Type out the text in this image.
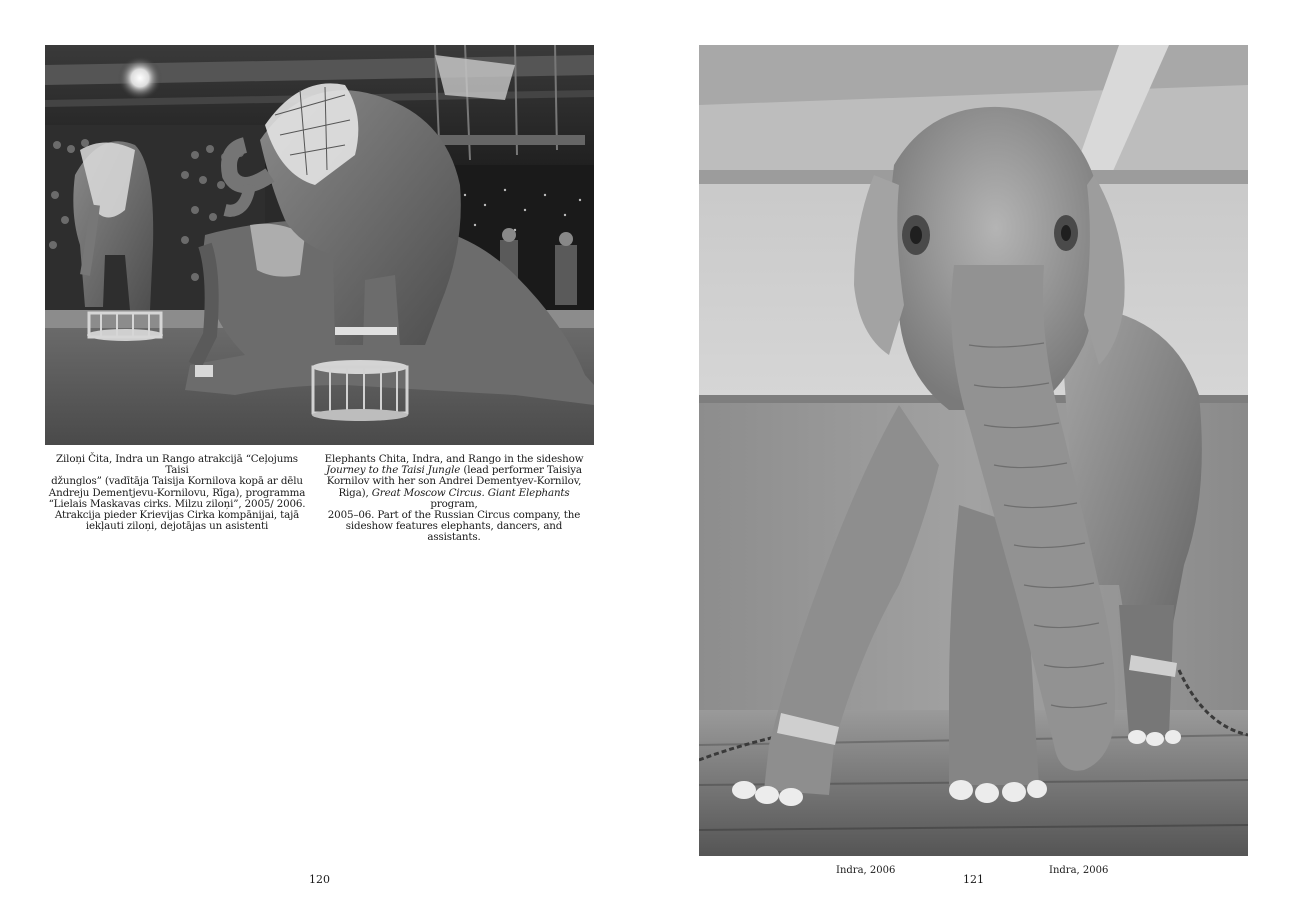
Ziloņi Čita, Indra un Rango atrakcijā “Ceļojums Taisi
džunglos” (vadītāja Taisija Kornilova kopā ar dēlu
Andreju Dementjevu-Kornilovu, Rīga), programma
“Lielais Maskavas cirks. Milzu ziloņi”, 2005/ 2006.
Atrakcija pieder Krievijas Cirka kompānijai, tajā
iekļauti ziloņi, dejotājas un asistenti
Elephants Chita, Indra, and Rango in the sideshow
Journey to the Taisi Jungle (lead performer Taisiya
Kornilov with her son Andrei Dementyev-Kornilov,
Riga), Great Moscow Circus. Giant Elephants program,
2005–06. Part of the Russian Circus company, the
sideshow features elephants, dancers, and assistants.
120
Indra, 2006
121
Indra, 2006
